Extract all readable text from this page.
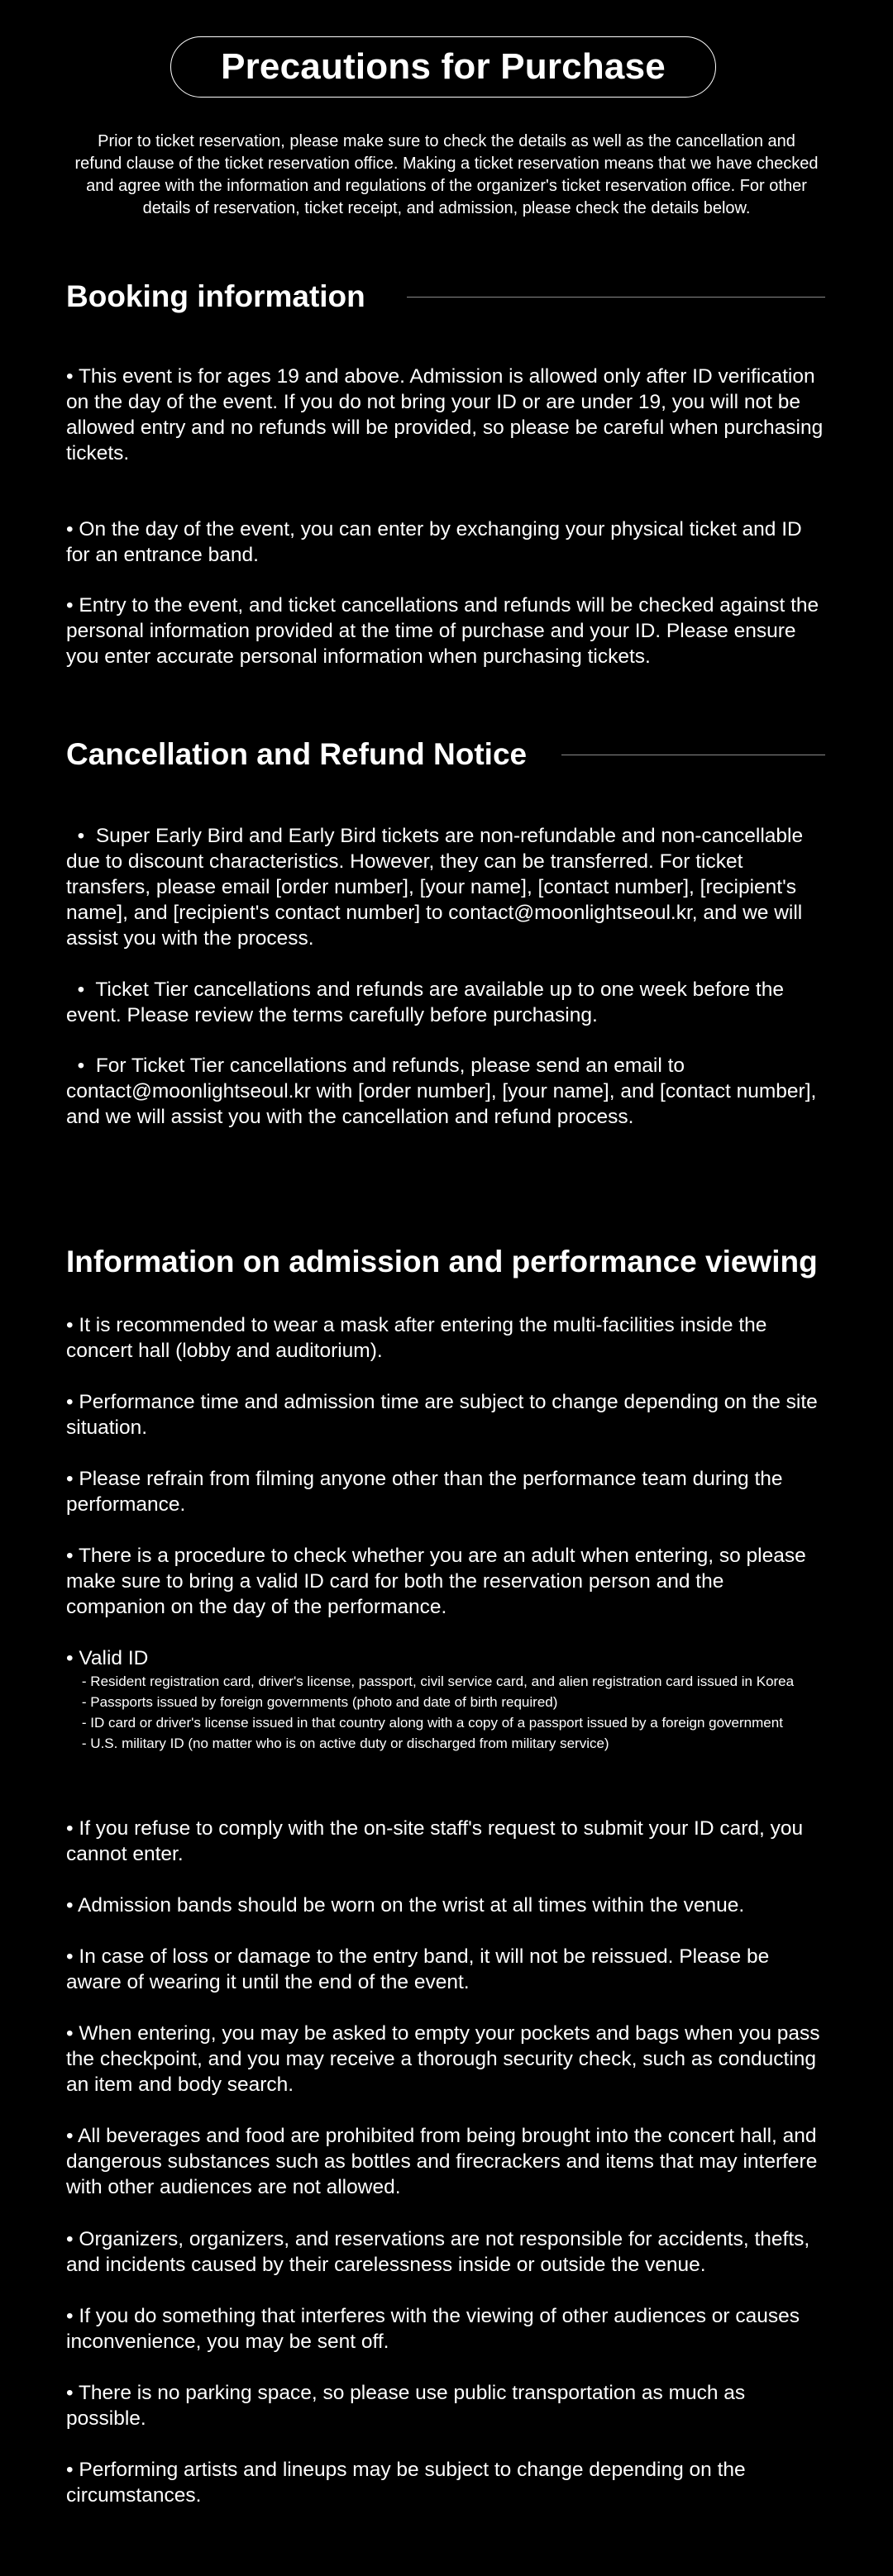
Precautions for Purchase
Prior to ticket reservation, please make sure to check the details as well as the cancellation and refund clause of the ticket reservation office. Making a ticket reservation means that we have checked and agree with the information and regulations of the organizer's ticket reservation office. For other details of reservation, ticket receipt, and admission, please check the details below.
Booking information
• This event is for ages 19 and above. Admission is allowed only after ID verification on the day of the event. If you do not bring your ID or are under 19, you will not be allowed entry and no refunds will be provided, so please be careful when purchasing tickets.
• On the day of the event, you can enter by exchanging your physical ticket and ID for an entrance band.
• Entry to the event, and ticket cancellations and refunds will be checked against the personal information provided at the time of purchase and your ID. Please ensure you enter accurate personal information when purchasing tickets.
Cancellation and Refund Notice
•  Super Early Bird and Early Bird tickets are non-refundable and non-cancellable due to discount characteristics. However, they can be transferred. For ticket transfers, please email [order number], [your name], [contact number], [recipient's name], and [recipient's contact number] to contact@moonlightseoul.kr, and we will assist you with the process.
•  Ticket Tier cancellations and refunds are available up to one week before the event. Please review the terms carefully before purchasing.
•  For Ticket Tier cancellations and refunds, please send an email to contact@moonlightseoul.kr with [order number], [your name], and [contact number], and we will assist you with the cancellation and refund process.
Information on admission and performance viewing
• It is recommended to wear a mask after entering the multi-facilities inside the concert hall (lobby and auditorium).
• Performance time and admission time are subject to change depending on the site situation.
• Please refrain from filming anyone other than the performance team during the performance.
• There is a procedure to check whether you are an adult when entering, so please make sure to bring a valid ID card for both the reservation person and the companion on the day of the performance.
• Valid ID
- Resident registration card, driver's license, passport, civil service card, and alien registration card issued in Korea
- Passports issued by foreign governments (photo and date of birth required)
- ID card or driver's license issued in that country along with a copy of a passport issued by a foreign government
- U.S. military ID (no matter who is on active duty or discharged from military service)
• If you refuse to comply with the on-site staff's request to submit your ID card, you cannot enter.
• Admission bands should be worn on the wrist at all times within the venue.
• In case of loss or damage to the entry band, it will not be reissued. Please be aware of wearing it until the end of the event.
• When entering, you may be asked to empty your pockets and bags when you pass the checkpoint, and you may receive a thorough security check, such as conducting an item and body search.
• All beverages and food are prohibited from being brought into the concert hall, and dangerous substances such as bottles and firecrackers and items that may interfere with other audiences are not allowed.
• Organizers, organizers, and reservations are not responsible for accidents, thefts, and incidents caused by their carelessness inside or outside the venue.
• If you do something that interferes with the viewing of other audiences or causes inconvenience, you may be sent off.
• There is no parking space, so please use public transportation as much as possible.
• Performing artists and lineups may be subject to change depending on the circumstances.
